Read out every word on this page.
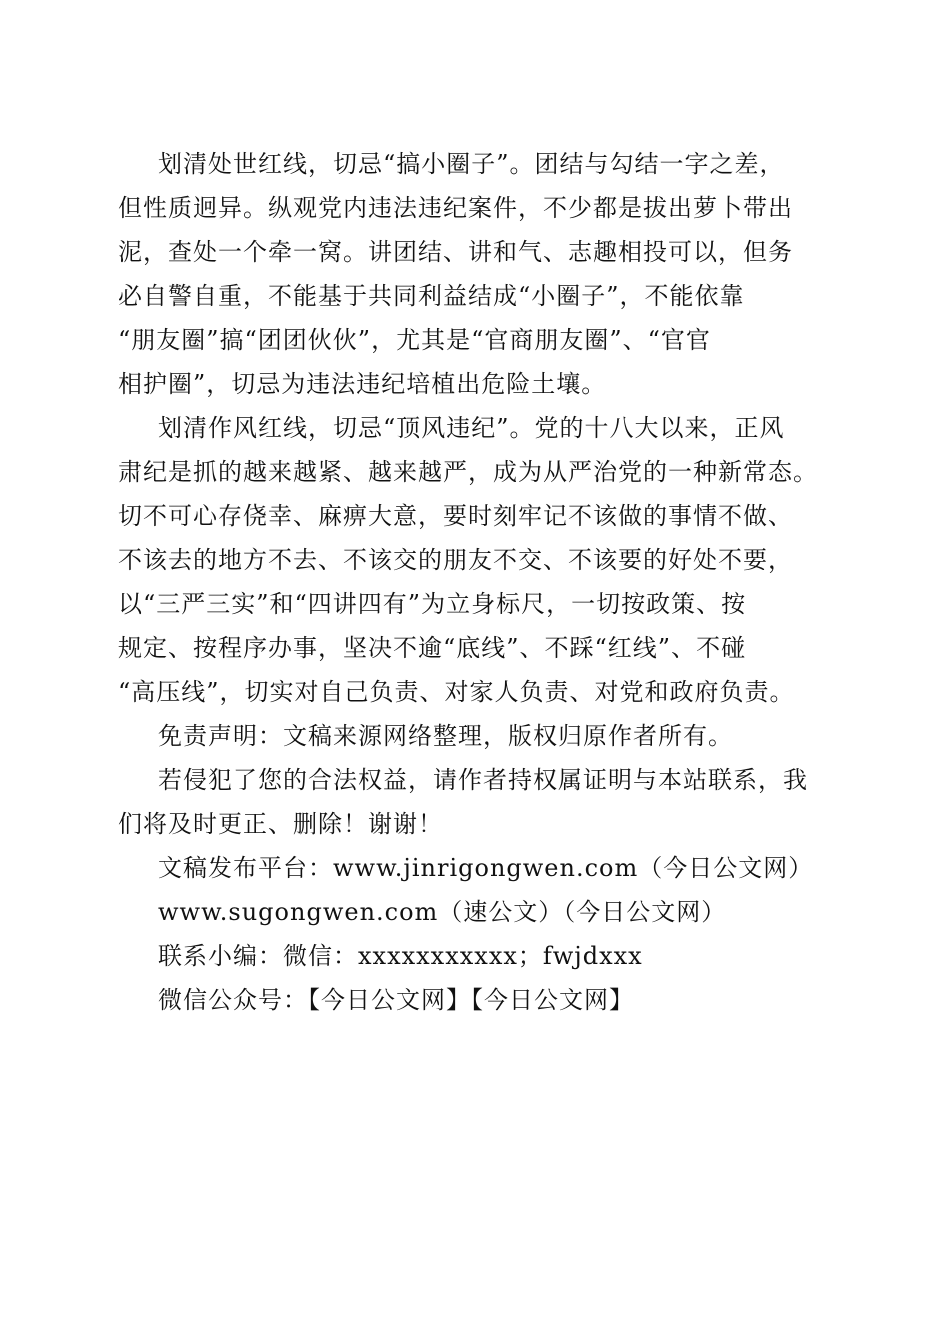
划清处世红线，切忌“搞小圈子”。团结与勾结一字之差，
但性质迥异。纵观党内违法违纪案件，不少都是拔出萝卜带出
泥，查处一个牵一窝。讲团结、讲和气、志趣相投可以，但务
必自警自重，不能基于共同利益结成“小圈子”，不能依靠
“朋友圈”搞“团团伙伙”，尤其是“官商朋友圈”、“官官
相护圈”，切忌为违法违纪培植出危险土壤。
划清作风红线，切忌“顶风违纪”。党的十八大以来，正风
肃纪是抓的越来越紧、越来越严，成为从严治党的一种新常态。
切不可心存侥幸、麻痹大意，要时刻牢记不该做的事情不做、
不该去的地方不去、不该交的朋友不交、不该要的好处不要，
以“三严三实”和“四讲四有”为立身标尺，一切按政策、按
规定、按程序办事，坚决不逾“底线”、不踩“红线”、不碰
“高压线”，切实对自己负责、对家人负责、对党和政府负责。
免责声明：文稿来源网络整理，版权归原作者所有。
若侵犯了您的合法权益，请作者持权属证明与本站联系，我
们将及时更正、删除！谢谢！
文稿发布平台：www.jinrigongwen.com（今日公文网）
www.sugongwen.com（速公文）（今日公文网）
联系小编：微信：xxxxxxxxxxx；fwjdxxx
微信公众号：【今日公文网】【今日公文网】
